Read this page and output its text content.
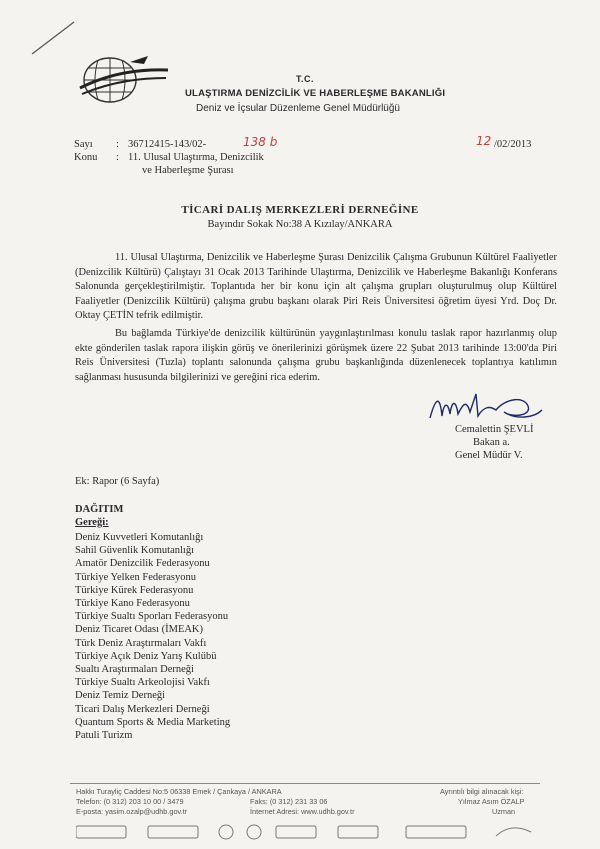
T.C.
ULAŞTIRMA DENİZCİLİK VE HABERLEŞME BAKANLIĞI
Deniz ve İçsular Düzenleme Genel Müdürlüğü
Sayı : 36712415-143/02-	138 b	12 /02/2013
Konu : 11. Ulusal Ulaştırma, Denizcilik
ve Haberleşme Şurası
TİCARİ DALIŞ MERKEZLERİ DERNEĞİNE
Bayındır Sokak No:38 A Kızılay/ANKARA
11. Ulusal Ulaştırma, Denizcilik ve Haberleşme Şurası Denizcilik Çalışma Grubunun Kültürel Faaliyetler (Denizcilik Kültürü) Çalıştayı 31 Ocak 2013 Tarihinde Ulaştırma, Denizcilik ve Haberleşme Bakanlığı Konferans Salonunda gerçekleştirilmiştir. Toplantıda her bir konu için alt çalışma grupları oluşturulmuş olup Kültürel Faaliyetler (Denizcilik Kültürü) çalışma grubu başkanı olarak Piri Reis Üniversitesi öğretim üyesi Yrd. Doç Dr. Oktay ÇETİN tefrik edilmiştir.
Bu bağlamda Türkiye'de denizcilik kültürünün yaygınlaştırılması konulu taslak rapor hazırlanmış olup ekte gönderilen taslak rapora ilişkin görüş ve önerilerinizi görüşmek üzere 22 Şubat 2013 tarihinde 13:00'da Piri Reis Üniversitesi (Tuzla) toplantı salonunda çalışma grubu başkanlığında düzenlenecek toplantıya katılımın sağlanması hususunda bilgilerinizi ve gereğini rica ederim.
Cemalettin ŞEVLİ
Bakan a.
Genel Müdür V.
Ek: Rapor (6 Sayfa)
DAĞITIM
Gereği:
Deniz Kuvvetleri Komutanlığı
Sahil Güvenlik Komutanlığı
Amatör Denizcilik Federasyonu
Türkiye Yelken Federasyonu
Türkiye Kürek Federasyonu
Türkiye Kano Federasyonu
Türkiye Sualtı Sporları Federasyonu
Deniz Ticaret Odası (İMEAK)
Türk Deniz Araştırmaları Vakfı
Türkiye Açık Deniz Yarış Kulübü
Sualtı Araştırmaları Derneği
Türkiye Sualtı Arkeolojisi Vakfı
Deniz Temiz Derneği
Ticari Dalış Merkezleri Derneği
Quantum Sports & Media Marketing
Patuli Turizm
Hakkı Turayliç Caddesi No:5 06338 Emek / Çankaya / ANKARA
Telefon: (0 312) 203 10 00 / 3479	Faks: (0 312) 231 33 06
E-posta: yasim.ozalp@udhb.gov.tr	İnternet Adresi: www.udhb.gov.tr
Ayrıntılı bilgi alınacak kişi:
Yılmaz Asım ÖZALP
Uzman
